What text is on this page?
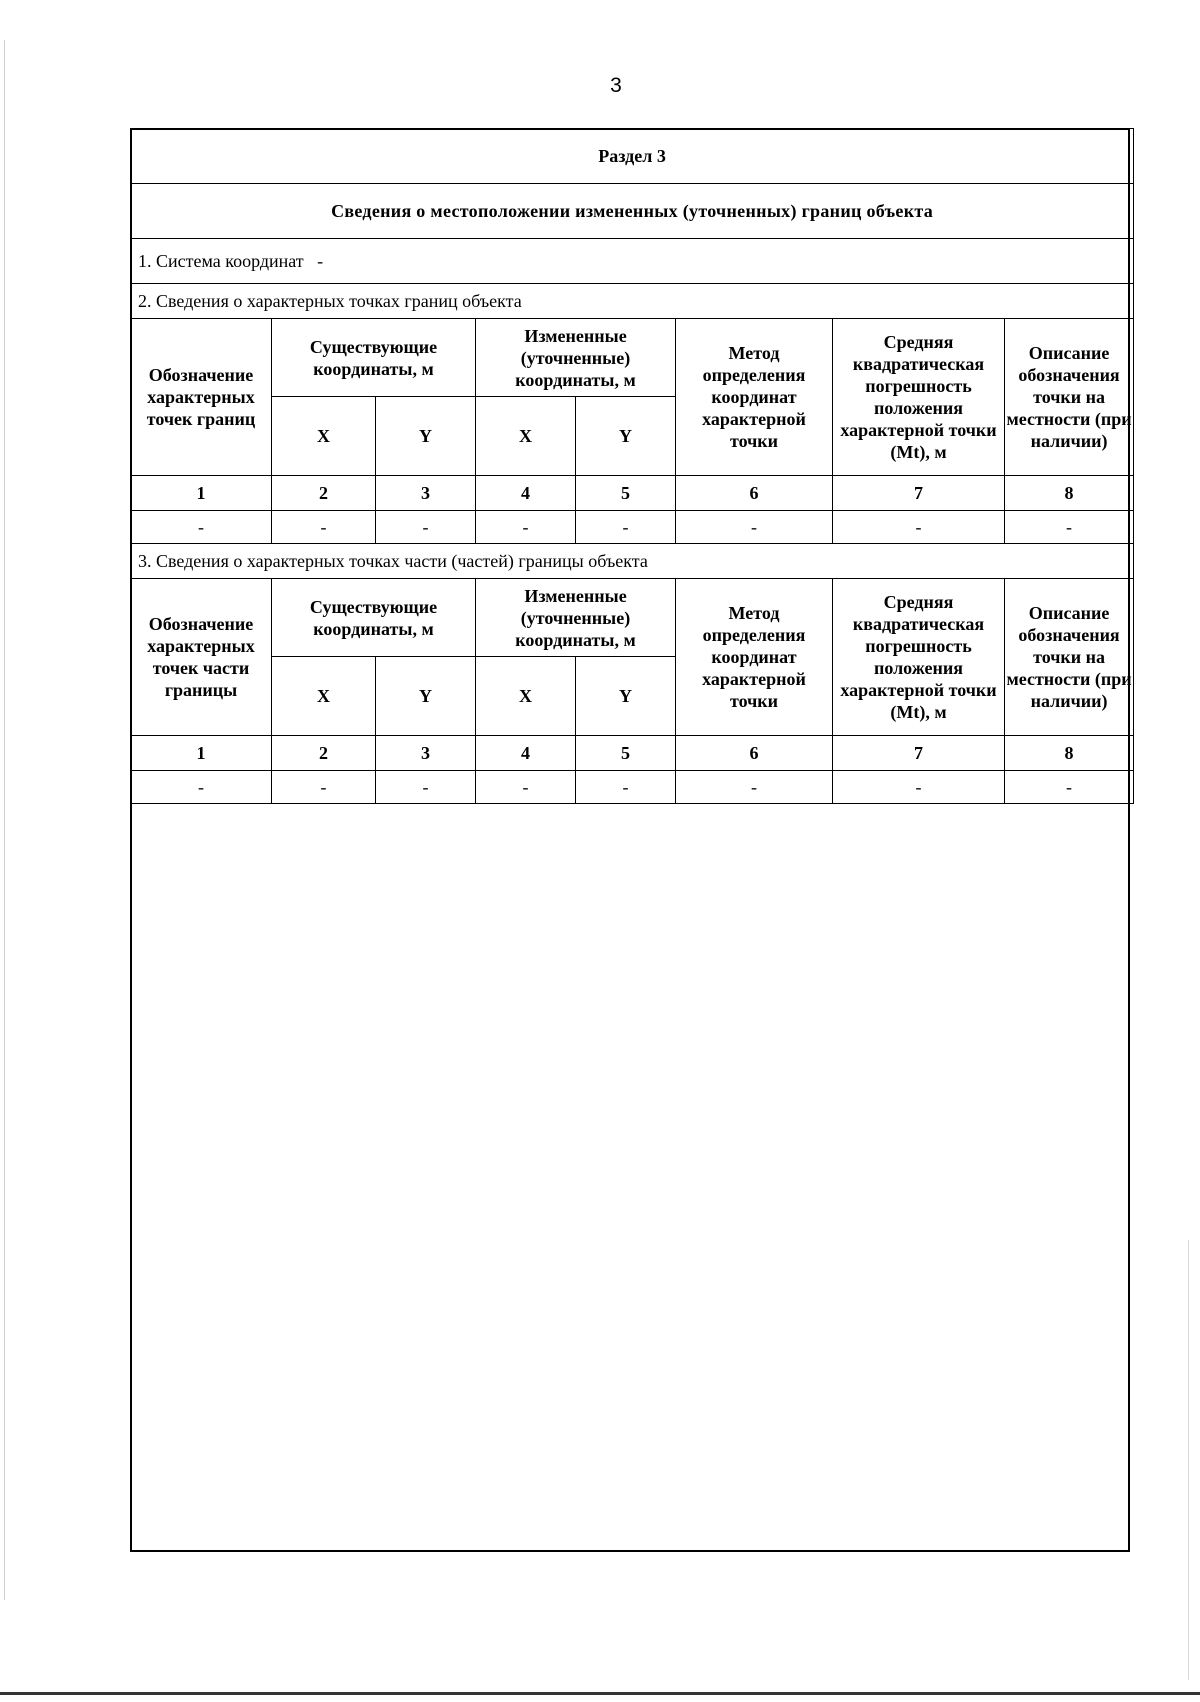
3
Раздел 3							
Сведения о местоположении измененных (уточненных) границ объекта							
1. Система координат -							
2. Сведения о характерных точках границ объекта							
Обозначение характерных точек границ	Существующие координаты, м		Измененные (уточненные) координаты, м		Метод определения координат характерной точки	Средняя квадратическая погрешность положения характерной точки (Mt), м	Описание обозначения точки на местности (при наличии)
	X	Y	X	Y			
1	2	3	4	5	6	7	8
-	-	-	-	-	-	-	-
3. Сведения о характерных точках части (частей) границы объекта							
Обозначение характерных точек части границы	Существующие координаты, м		Измененные (уточненные) координаты, м		Метод определения координат характерной точки	Средняя квадратическая погрешность положения характерной точки (Mt), м	Описание обозначения точки на местности (при наличии)
	X	Y	X	Y			
1	2	3	4	5	6	7	8
-	-	-	-	-	-	-	-
